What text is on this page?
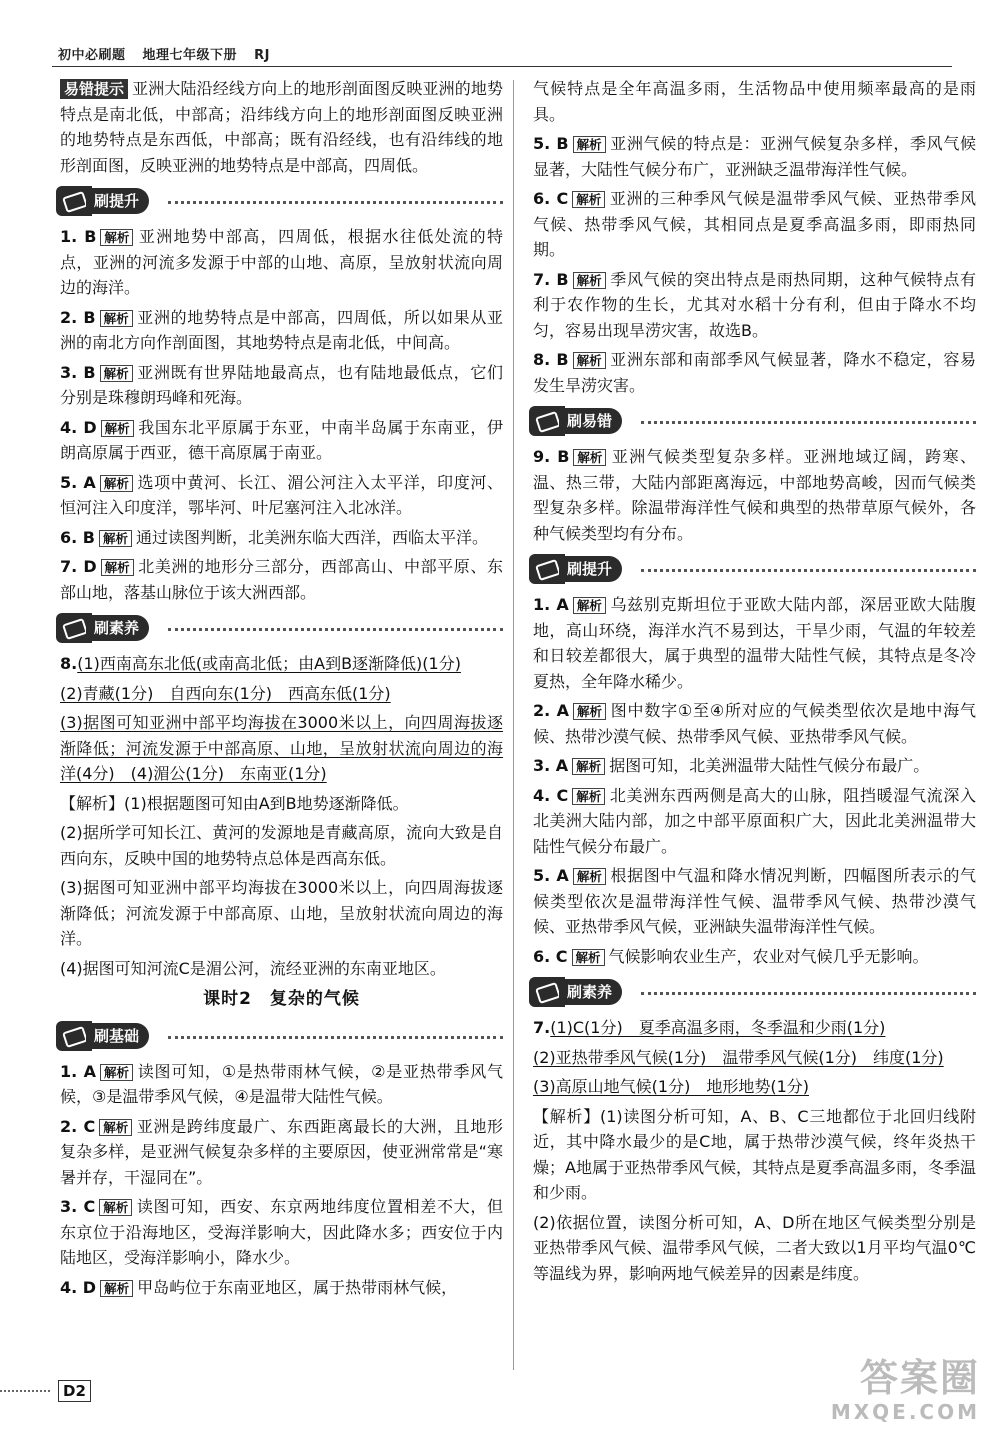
初中必刷题 地理七年级下册 RJ

易错提示 亚洲大陆沿经线方向上的地形剖面图反映亚洲的地势特点是南北低，中部高；沿纬线方向上的地形剖面图反映亚洲的地势特点是东西低，中部高；既有沿经线，也有沿纬线的地形剖面图，反映亚洲的地势特点是中部高，四周低。

刷提升

1. B 解析 亚洲地势中部高，四周低，根据水往低处流的特点，亚洲的河流多发源于中部的山地、高原，呈放射状流向周边的海洋。

2. B 解析 亚洲的地势特点是中部高，四周低，所以如果从亚洲的南北方向作剖面图，其地势特点是南北低，中间高。

3. B 解析 亚洲既有世界陆地最高点，也有陆地最低点，它们分别是珠穆朗玛峰和死海。

4. D 解析 我国东北平原属于东亚，中南半岛属于东南亚，伊朗高原属于西亚，德干高原属于南亚。

5. A 解析 选项中黄河、长江、湄公河注入太平洋，印度河、恒河注入印度洋，鄂毕河、叶尼塞河注入北冰洋。

6. B 解析 通过读图判断，北美洲东临大西洋，西临太平洋。

7. D 解析 北美洲的地形分三部分，西部高山、中部平原、东部山地，落基山脉位于该大洲西部。

刷素养

8.(1)西南高东北低(或南高北低；由A到B逐渐降低)(1分)

(2)青藏(1分)　自西向东(1分)　西高东低(1分)

(3)据图可知亚洲中部平均海拔在3000米以上，向四周海拔逐渐降低；河流发源于中部高原、山地，呈放射状流向周边的海洋(4分)　(4)湄公(1分)　东南亚(1分)

【解析】(1)根据题图可知由A到B地势逐渐降低。

(2)据所学可知长江、黄河的发源地是青藏高原，流向大致是自西向东，反映中国的地势特点总体是西高东低。

(3)据图可知亚洲中部平均海拔在3000米以上，向四周海拔逐渐降低；河流发源于中部高原、山地，呈放射状流向周边的海洋。

(4)据图可知河流C是湄公河，流经亚洲的东南亚地区。

课时2　复杂的气候
刷基础

1. A 解析 读图可知，①是热带雨林气候，②是亚热带季风气候，③是温带季风气候，④是温带大陆性气候。

2. C 解析 亚洲是跨纬度最广、东西距离最长的大洲，且地形复杂多样，是亚洲气候复杂多样的主要原因，使亚洲常常是“寒暑并存，干湿同在”。

3. C 解析 读图可知，西安、东京两地纬度位置相差不大，但东京位于沿海地区，受海洋影响大，因此降水多；西安位于内陆地区，受海洋影响小，降水少。

4. D 解析 甲岛屿位于东南亚地区，属于热带雨林气候，

气候特点是全年高温多雨，生活物品中使用频率最高的是雨具。

5. B 解析 亚洲气候的特点是：亚洲气候复杂多样，季风气候显著，大陆性气候分布广，亚洲缺乏温带海洋性气候。

6. C 解析 亚洲的三种季风气候是温带季风气候、亚热带季风气候、热带季风气候，其相同点是夏季高温多雨，即雨热同期。

7. B 解析 季风气候的突出特点是雨热同期，这种气候特点有利于农作物的生长，尤其对水稻十分有利，但由于降水不均匀，容易出现旱涝灾害，故选B。

8. B 解析 亚洲东部和南部季风气候显著，降水不稳定，容易发生旱涝灾害。

刷易错

9. B 解析 亚洲气候类型复杂多样。亚洲地域辽阔，跨寒、温、热三带，大陆内部距离海远，中部地势高峻，因而气候类型复杂多样。除温带海洋性气候和典型的热带草原气候外，各种气候类型均有分布。

刷提升

1. A 解析 乌兹别克斯坦位于亚欧大陆内部，深居亚欧大陆腹地，高山环绕，海洋水汽不易到达，干旱少雨，气温的年较差和日较差都很大，属于典型的温带大陆性气候，其特点是冬冷夏热，全年降水稀少。

2. A 解析 图中数字①至④所对应的气候类型依次是地中海气候、热带沙漠气候、热带季风气候、亚热带季风气候。

3. A 解析 据图可知，北美洲温带大陆性气候分布最广。

4. C 解析 北美洲东西两侧是高大的山脉，阻挡暖湿气流深入北美洲大陆内部，加之中部平原面积广大，因此北美洲温带大陆性气候分布最广。

5. A 解析 根据图中气温和降水情况判断，四幅图所表示的气候类型依次是温带海洋性气候、温带季风气候、热带沙漠气候、亚热带季风气候，亚洲缺失温带海洋性气候。

6. C 解析 气候影响农业生产，农业对气候几乎无影响。

刷素养

7.(1)C(1分)　夏季高温多雨，冬季温和少雨(1分)

(2)亚热带季风气候(1分)　温带季风气候(1分)　纬度(1分)

(3)高原山地气候(1分)　地形地势(1分)

【解析】(1)读图分析可知，A、B、C三地都位于北回归线附近，其中降水最少的是C地，属于热带沙漠气候，终年炎热干燥；A地属于亚热带季风气候，其特点是夏季高温多雨，冬季温和少雨。

(2)依据位置，读图分析可知，A、D所在地区气候类型分别是亚热带季风气候、温带季风气候，二者大致以1月平均气温0℃等温线为界，影响两地气候差异的因素是纬度。

D2	答案圈
MXQE.COM
